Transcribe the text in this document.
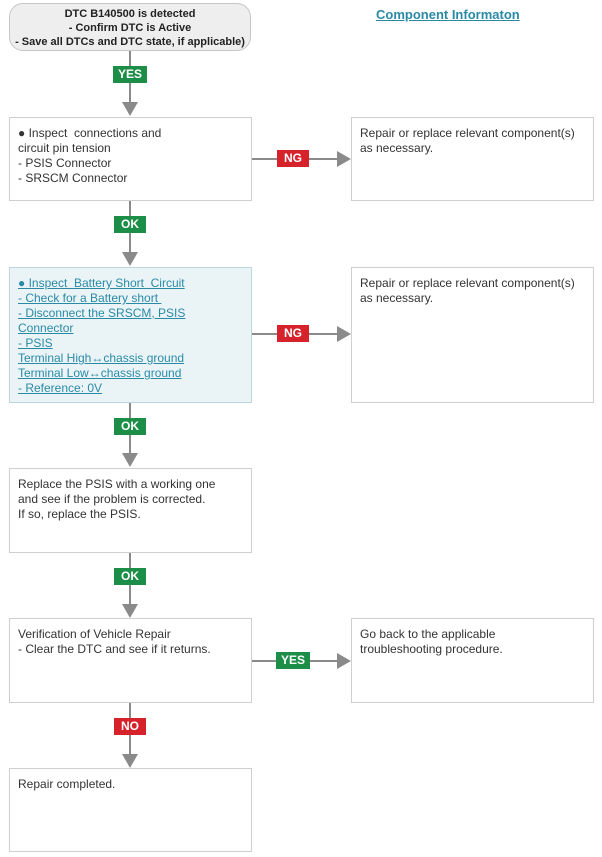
DTC B140500 is detected
- Confirm DTC is Active
- Save all DTCs and DTC state, if applicable)
Component Informaton
YES
● Inspect  connections and
circuit pin tension
- PSIS Connector
- SRSCM Connector
NG
Repair or replace relevant component(s)
as necessary.
OK
● Inspect  Battery Short  Circuit
- Check for a Battery short
- Disconnect the SRSCM, PSIS
Connector
- PSIS
Terminal High↔chassis ground
Terminal Low↔chassis ground
- Reference: 0V
NG
Repair or replace relevant component(s)
as necessary.
OK
Replace the PSIS with a working one
and see if the problem is corrected.
If so, replace the PSIS.
OK
Verification of Vehicle Repair
- Clear the DTC and see if it returns.
YES
Go back to the applicable
troubleshooting procedure.
NO
Repair completed.
